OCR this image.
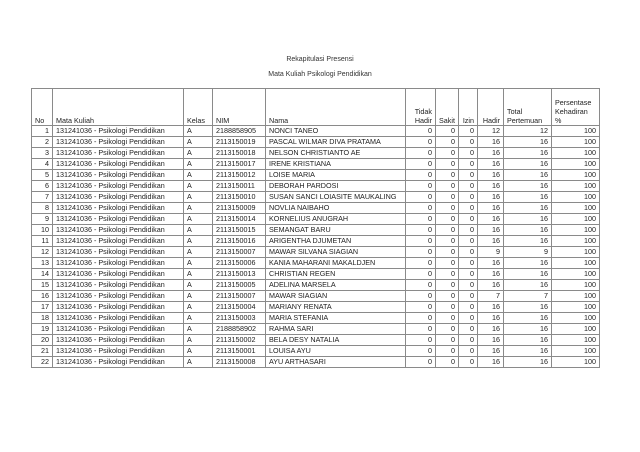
Rekapitulasi Presensi
Mata Kuliah Psikologi Pendidikan
No	Mata Kuliah	Kelas	NIM	Nama	Tidak Hadir	Sakit	Izin	Hadir	Total Pertemuan	Persentase Kehadiran %
1	131241036 - Psikologi Pendidikan	A	2188858905	NONCI TANEO	0	0	0	12	12	100
2	131241036 - Psikologi Pendidikan	A	2113150019	PASCAL WILMAR DIVA PRATAMA	0	0	0	16	16	100
3	131241036 - Psikologi Pendidikan	A	2113150018	NELSON CHRISTIANTO AE	0	0	0	16	16	100
4	131241036 - Psikologi Pendidikan	A	2113150017	IRENE KRISTIANA	0	0	0	16	16	100
5	131241036 - Psikologi Pendidikan	A	2113150012	LOISE MARIA	0	0	0	16	16	100
6	131241036 - Psikologi Pendidikan	A	2113150011	DEBORAH PARDOSI	0	0	0	16	16	100
7	131241036 - Psikologi Pendidikan	A	2113150010	SUSAN SANCI LOIASITE MAUKALING	0	0	0	16	16	100
8	131241036 - Psikologi Pendidikan	A	2113150009	NOVLIA NAIBAHO	0	0	0	16	16	100
9	131241036 - Psikologi Pendidikan	A	2113150014	KORNELIUS ANUGRAH	0	0	0	16	16	100
10	131241036 - Psikologi Pendidikan	A	2113150015	SEMANGAT BARU	0	0	0	16	16	100
11	131241036 - Psikologi Pendidikan	A	2113150016	ARIGENTHA DJUMETAN	0	0	0	16	16	100
12	131241036 - Psikologi Pendidikan	A	2113150007	MAWAR SILVANA SIAGIAN	0	0	0	9	9	100
13	131241036 - Psikologi Pendidikan	A	2113150006	KANIA MAHARANI MAKALDJEN	0	0	0	16	16	100
14	131241036 - Psikologi Pendidikan	A	2113150013	CHRISTIAN REGEN	0	0	0	16	16	100
15	131241036 - Psikologi Pendidikan	A	2113150005	ADELINA MARSELA	0	0	0	16	16	100
16	131241036 - Psikologi Pendidikan	A	2113150007	MAWAR SIAGIAN	0	0	0	7	7	100
17	131241036 - Psikologi Pendidikan	A	2113150004	MARIANY RENATA	0	0	0	16	16	100
18	131241036 - Psikologi Pendidikan	A	2113150003	MARIA STEFANIA	0	0	0	16	16	100
19	131241036 - Psikologi Pendidikan	A	2188858902	RAHMA SARI	0	0	0	16	16	100
20	131241036 - Psikologi Pendidikan	A	2113150002	BELA DESY NATALIA	0	0	0	16	16	100
21	131241036 - Psikologi Pendidikan	A	2113150001	LOUISA AYU	0	0	0	16	16	100
22	131241036 - Psikologi Pendidikan	A	2113150008	AYU ARTHASARI	0	0	0	16	16	100
